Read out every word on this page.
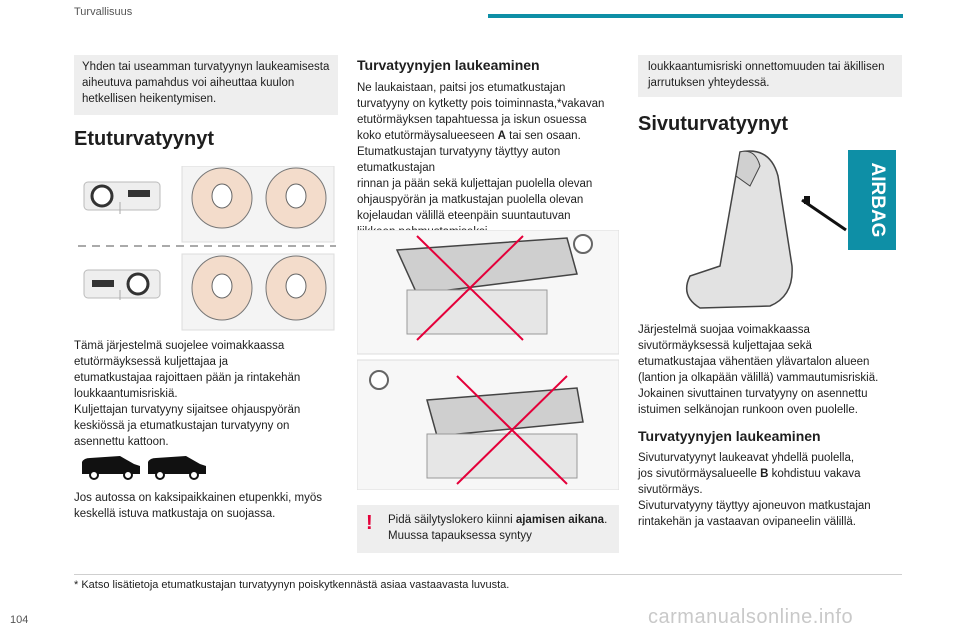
Turvallisuus
Yhden tai useamman turvatyynyn laukeamisesta aiheutuva pamahdus voi aiheuttaa kuulon hetkellisen heikentymisen.
Etuturvatyynyt

Tämä järjestelmä suojelee voimakkaassa
etutörmäyksessä kuljettajaa ja
etumatkustajaa rajoittaen pään ja rintakehän
loukkaantumisriskiä.
Kuljettajan turvatyyny sijaitsee ohjauspyörän
keskiössä ja etumatkustajan turvatyyny on
asennettu kattoon.

Jos autossa on kaksipaikkainen etupenkki, myös
keskellä istuva matkustaja on suojassa.

Turvatyynyjen laukeaminen

Ne laukaistaan, paitsi jos etumatkustajan
turvatyyny on kytketty pois toiminnasta,*vakavan
etutörmäyksen tapahtuessa ja iskun osuessa
koko etutörmäysalueeseen A tai sen osaan.
Etumatkustajan turvatyyny täyttyy auton etumatkustajan
rinnan ja pään sekä kuljettajan puolella olevan
ohjauspyörän ja matkustajan puolella olevan
kojelaudan välillä eteenpäin suuntautuvan

! Pidä säilytyslokero kiinni ajamisen aikana. Muussa tapauksessa syntyy
loukkaantumisriski onnettomuuden tai äkillisen jarrutuksen yhteydessä.
Sivuturvatyynyt
AIRBAG

Järjestelmä suojaa voimakkaassa
sivutörmäyksessä kuljettajaa sekä
etumatkustajaa vähentäen ylävartalon alueen
(lantion ja olkapään välillä) vammautumisriskiä.
Jokainen sivuttainen turvatyyny on asennettu
istuimen selkänojan runkoon oven puolelle.

Turvatyynyjen laukeaminen

Sivuturvatyynyt laukeavat yhdellä puolella,
jos sivutörmäysalueelle B kohdistuu vakava
sivutörmäys.
Sivuturvatyyny täyttyy ajoneuvon matkustajan
rintakehän ja vastaavan ovipaneelin välillä.

* Katso lisätietoja etumatkustajan turvatyynyn poiskytkennästä asiaa vastaavasta luvusta.
104	carmanualsonline.info
